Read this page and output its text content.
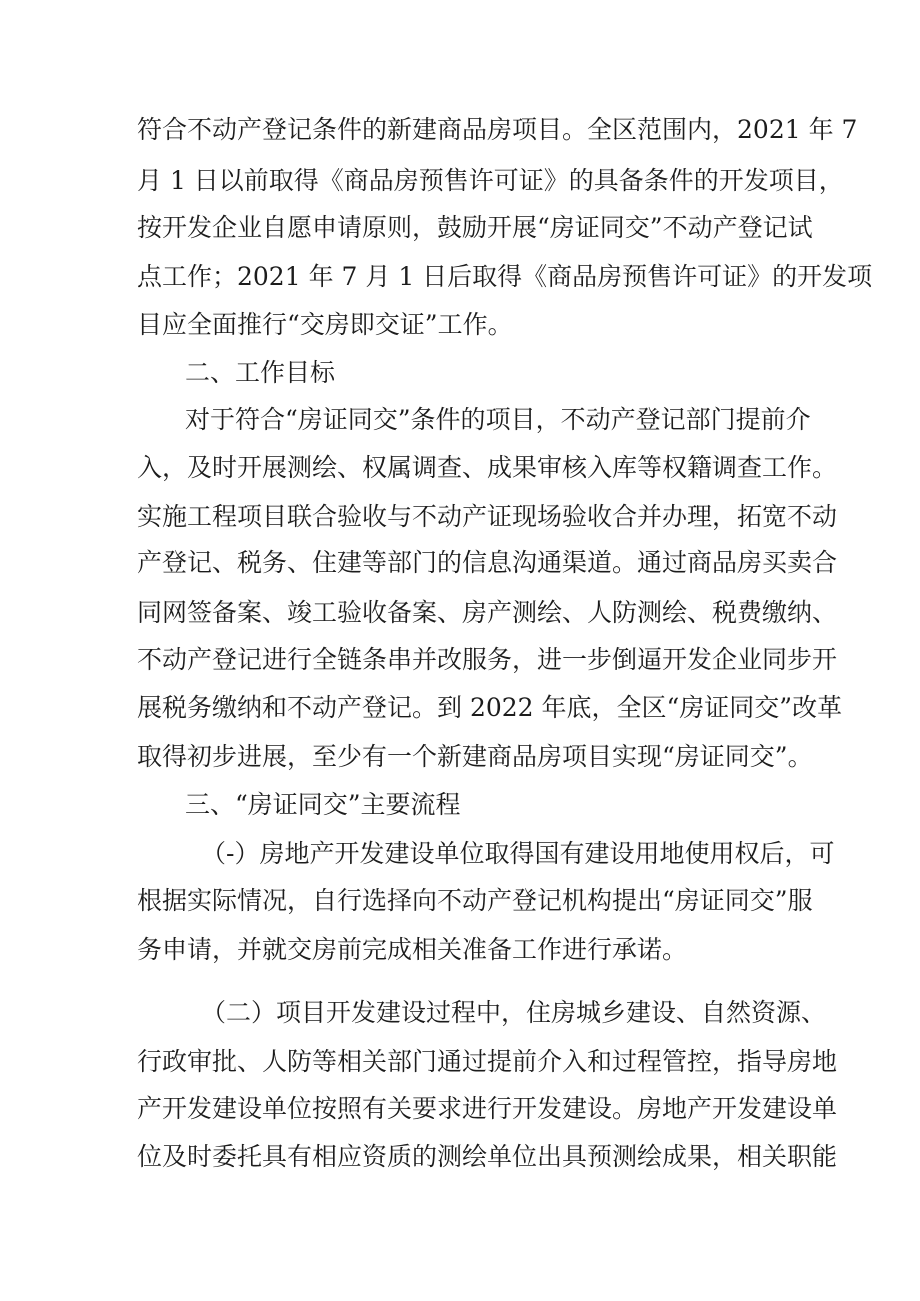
符合不动产登记条件的新建商品房项目。全区范围内，2021 年 7
月 1 日以前取得《商品房预售许可证》的具备条件的开发项目，
按开发企业自愿申请原则，鼓励开展“房证同交”不动产登记试
点工作；2021 年 7 月 1 日后取得《商品房预售许可证》的开发项
目应全面推行“交房即交证”工作。
二、工作目标
对于符合“房证同交”条件的项目，不动产登记部门提前介
入，及时开展测绘、权属调查、成果审核入库等权籍调查工作。
实施工程项目联合验收与不动产证现场验收合并办理，拓宽不动
产登记、税务、住建等部门的信息沟通渠道。通过商品房买卖合
同网签备案、竣工验收备案、房产测绘、人防测绘、税费缴纳、
不动产登记进行全链条串并改服务，进一步倒逼开发企业同步开
展税务缴纳和不动产登记。到 2022 年底，全区“房证同交”改革
取得初步进展，至少有一个新建商品房项目实现“房证同交”。
三、“房证同交”主要流程
（-）房地产开发建设单位取得国有建设用地使用权后，可
根据实际情况，自行选择向不动产登记机构提出“房证同交”服
务申请，并就交房前完成相关准备工作进行承诺。
（二）项目开发建设过程中，住房城乡建设、自然资源、
行政审批、人防等相关部门通过提前介入和过程管控，指导房地
产开发建设单位按照有关要求进行开发建设。房地产开发建设单
位及时委托具有相应资质的测绘单位出具预测绘成果，相关职能
